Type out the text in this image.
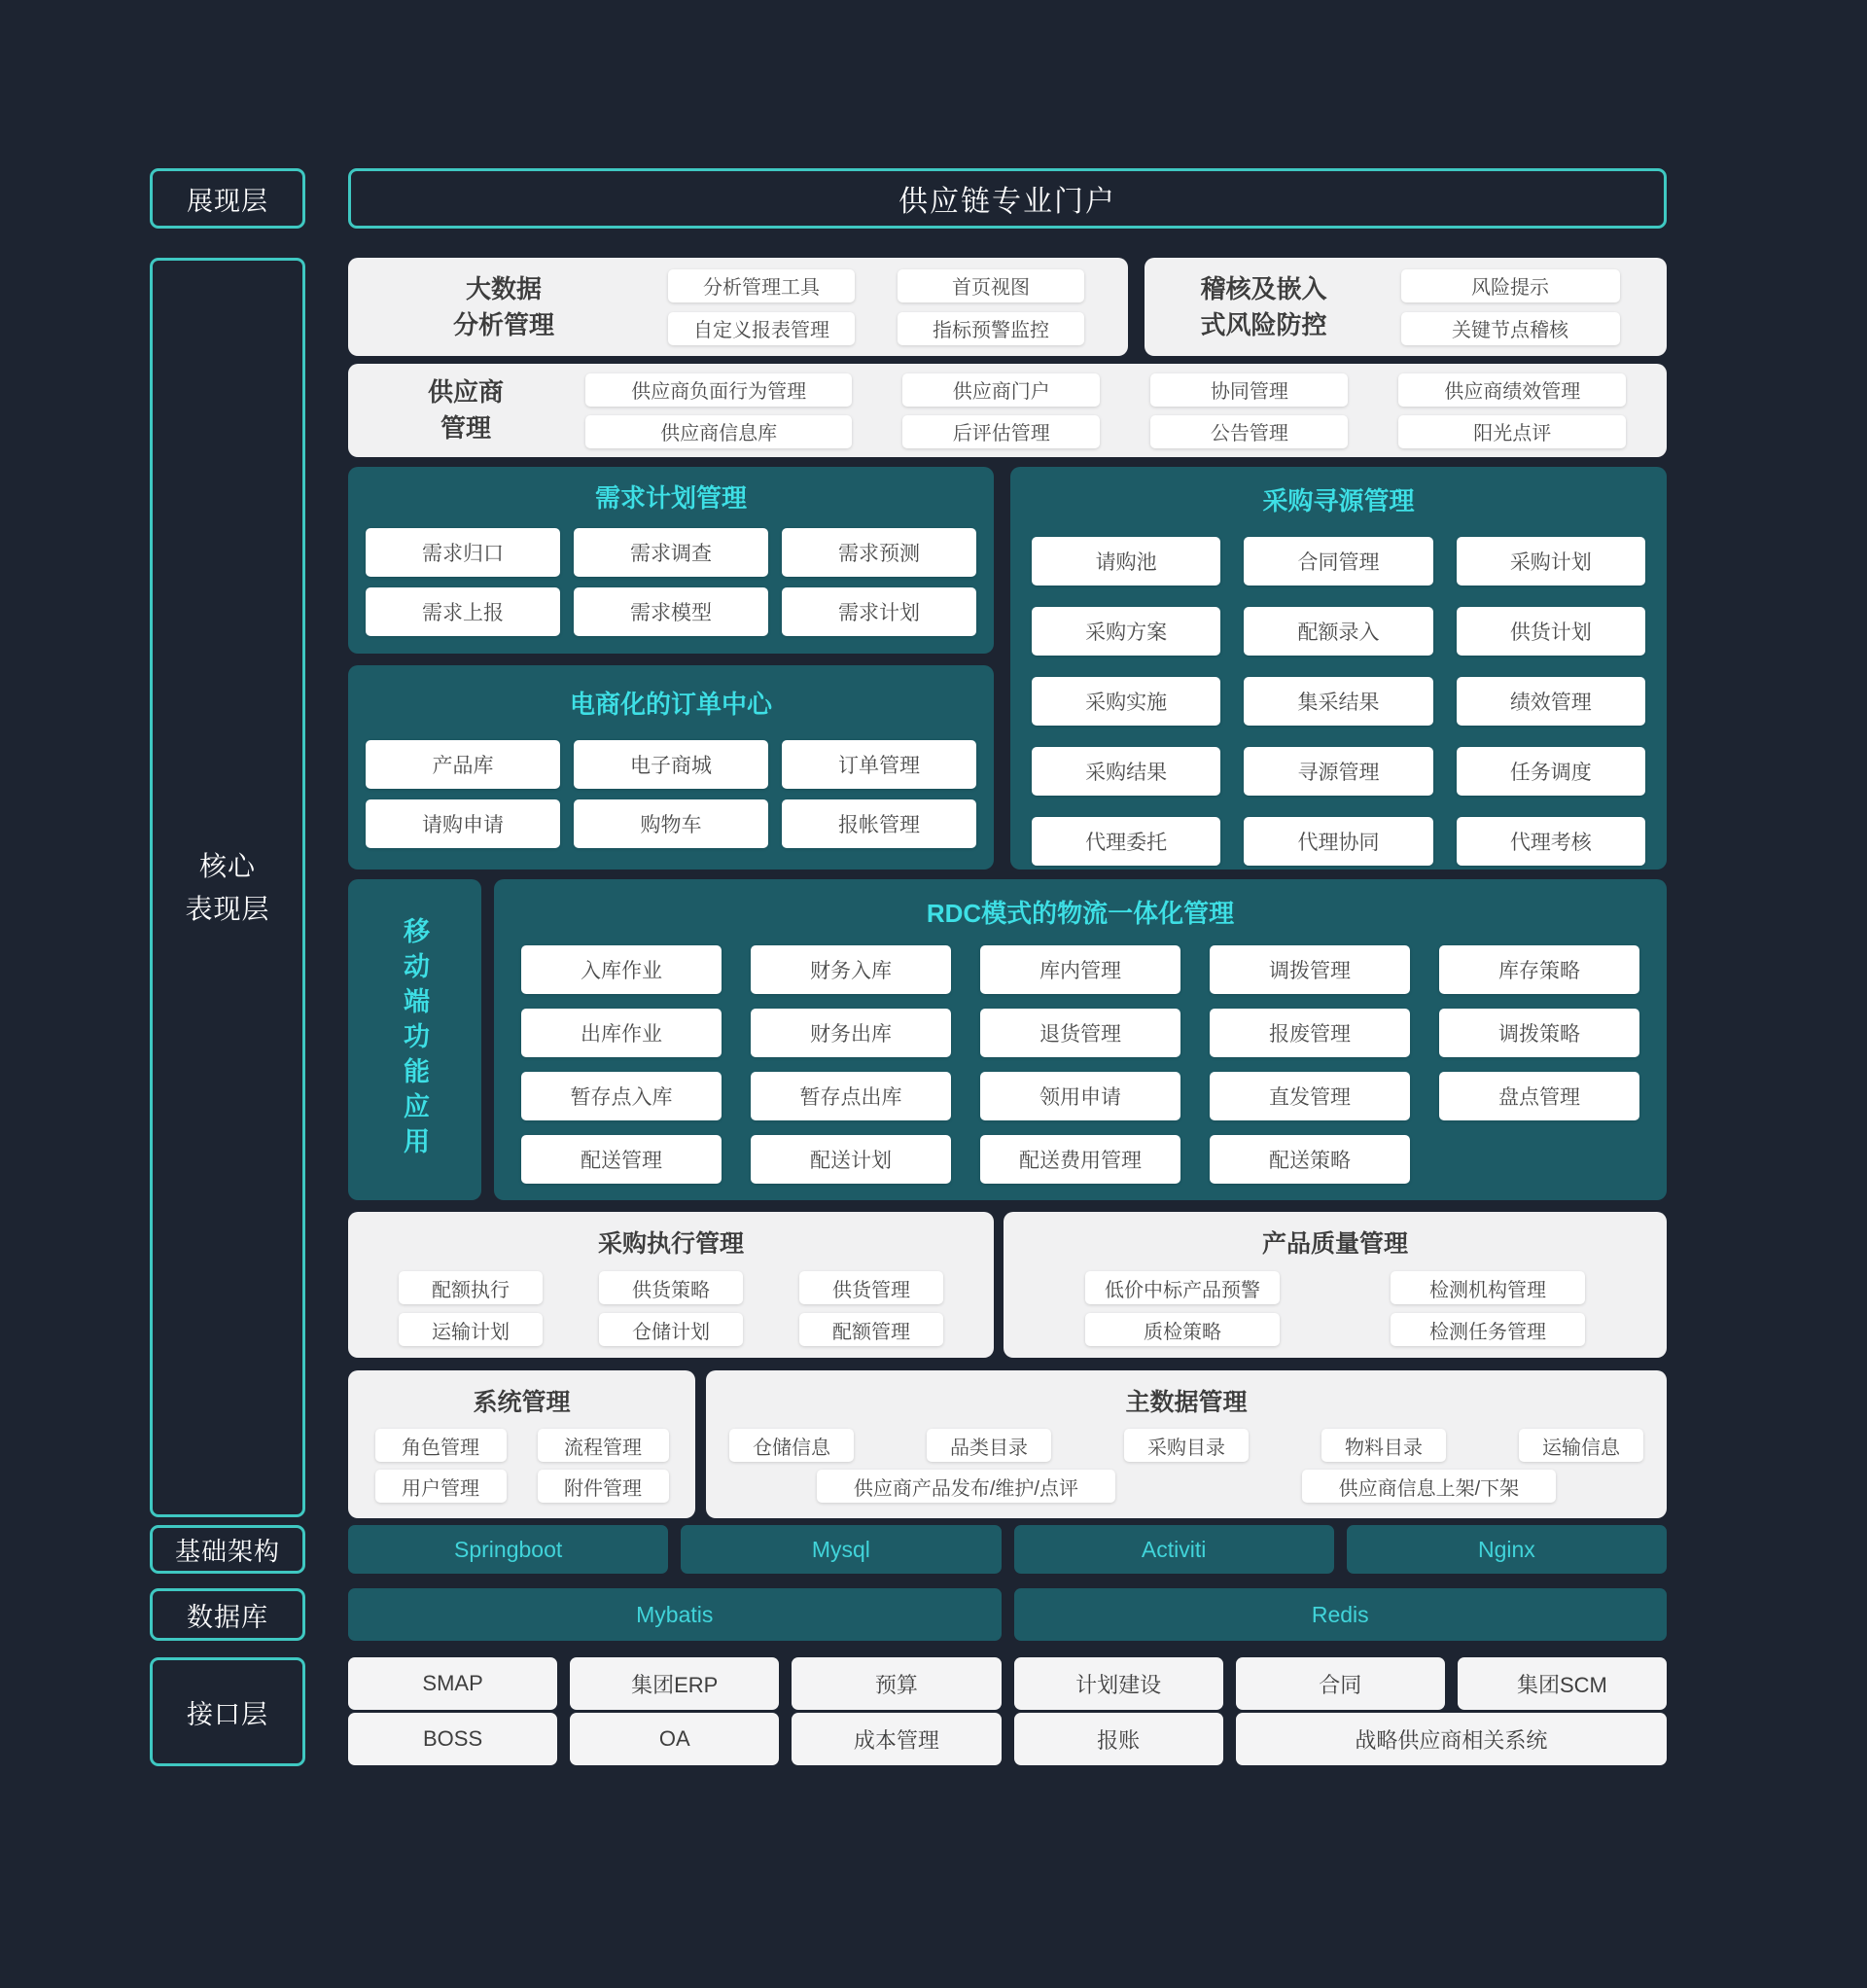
展现层
核心
表现层
基础架构
数据库
接口层
供应链专业门户
大数据
分析管理
分析管理工具	首页视图
自定义报表管理	指标预警监控
稽核及嵌入
式风险防控
风险提示
关键节点稽核
供应商
管理
供应商负面行为管理	供应商门户	协同管理	供应商绩效管理
供应商信息库	后评估管理	公告管理	阳光点评
需求计划管理
需求归口	需求调查	需求预测
需求上报	需求模型	需求计划
电商化的订单中心
产品库	电子商城	订单管理
请购申请	购物车	报帐管理
采购寻源管理
请购池	合同管理	采购计划
采购方案	配额录入	供货计划
采购实施	集采结果	绩效管理
采购结果	寻源管理	任务调度
代理委托	代理协同	代理考核
移动端功能应用
RDC模式的物流一体化管理
入库作业	财务入库	库内管理	调拨管理	库存策略
出库作业	财务出库	退货管理	报废管理	调拨策略
暂存点入库	暂存点出库	领用申请	直发管理	盘点管理
配送管理	配送计划	配送费用管理	配送策略
采购执行管理
配额执行	供货策略	供货管理
运输计划	仓储计划	配额管理
产品质量管理
低价中标产品预警	检测机构管理
质检策略	检测任务管理
系统管理
角色管理	流程管理
用户管理	附件管理
主数据管理
仓储信息	品类目录	采购目录	物料目录	运输信息
供应商产品发布/维护/点评	供应商信息上架/下架
Springboot	Mysql	Activiti	Nginx
Mybatis	Redis
SMAP	集团ERP	预算	计划建设	合同	集团SCM
BOSS	OA	成本管理	报账	战略供应商相关系统
